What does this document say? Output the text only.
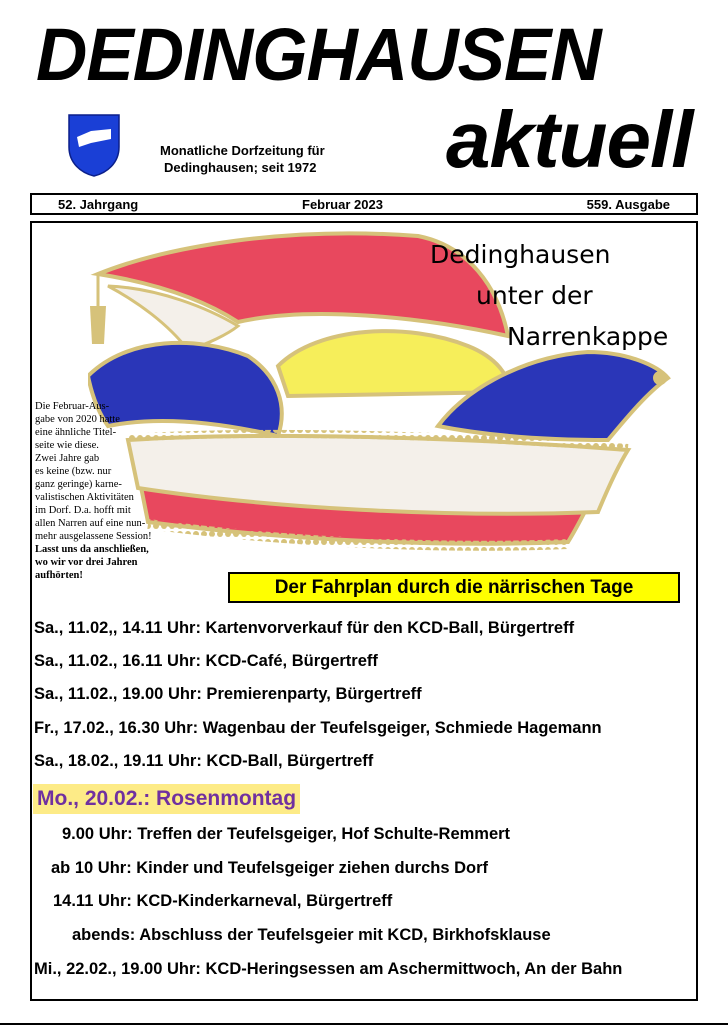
DEDINGHAUSEN
aktuell
Monatliche Dorfzeitung für
Dedinghausen; seit 1972
52. Jahrgang	Februar 2023	559. Ausgabe
Dedinghausen
unter der
Narrenkappe
Die Februar-Aus-
gabe von 2020 hatte
eine ähnliche Titel-
seite wie diese.
Zwei Jahre gab
es keine (bzw. nur
ganz geringe) karne-
valistischen Aktivitäten
im Dorf. D.a. hofft mit
allen Narren auf eine nun-
mehr ausgelassene Session!
Lasst uns da anschließen,
wo wir vor drei Jahren aufhörten!
Der Fahrplan durch die närrischen Tage
Sa., 11.02,, 14.11 Uhr: Kartenvorverkauf für den KCD-Ball, Bürgertreff
Sa., 11.02., 16.11 Uhr: KCD-Café, Bürgertreff
Sa., 11.02., 19.00 Uhr: Premierenparty, Bürgertreff
Fr., 17.02., 16.30 Uhr: Wagenbau der Teufelsgeiger, Schmiede Hagemann
Sa., 18.02., 19.11 Uhr: KCD-Ball, Bürgertreff
Mo., 20.02.: Rosenmontag
9.00 Uhr: Treffen der Teufelsgeiger, Hof Schulte-Remmert
ab 10 Uhr: Kinder und Teufelsgeiger ziehen durchs Dorf
14.11 Uhr: KCD-Kinderkarneval, Bürgertreff
abends: Abschluss der Teufelsgeier mit KCD, Birkhofsklause
Mi., 22.02., 19.00 Uhr: KCD-Heringsessen am Aschermittwoch, An der Bahn
